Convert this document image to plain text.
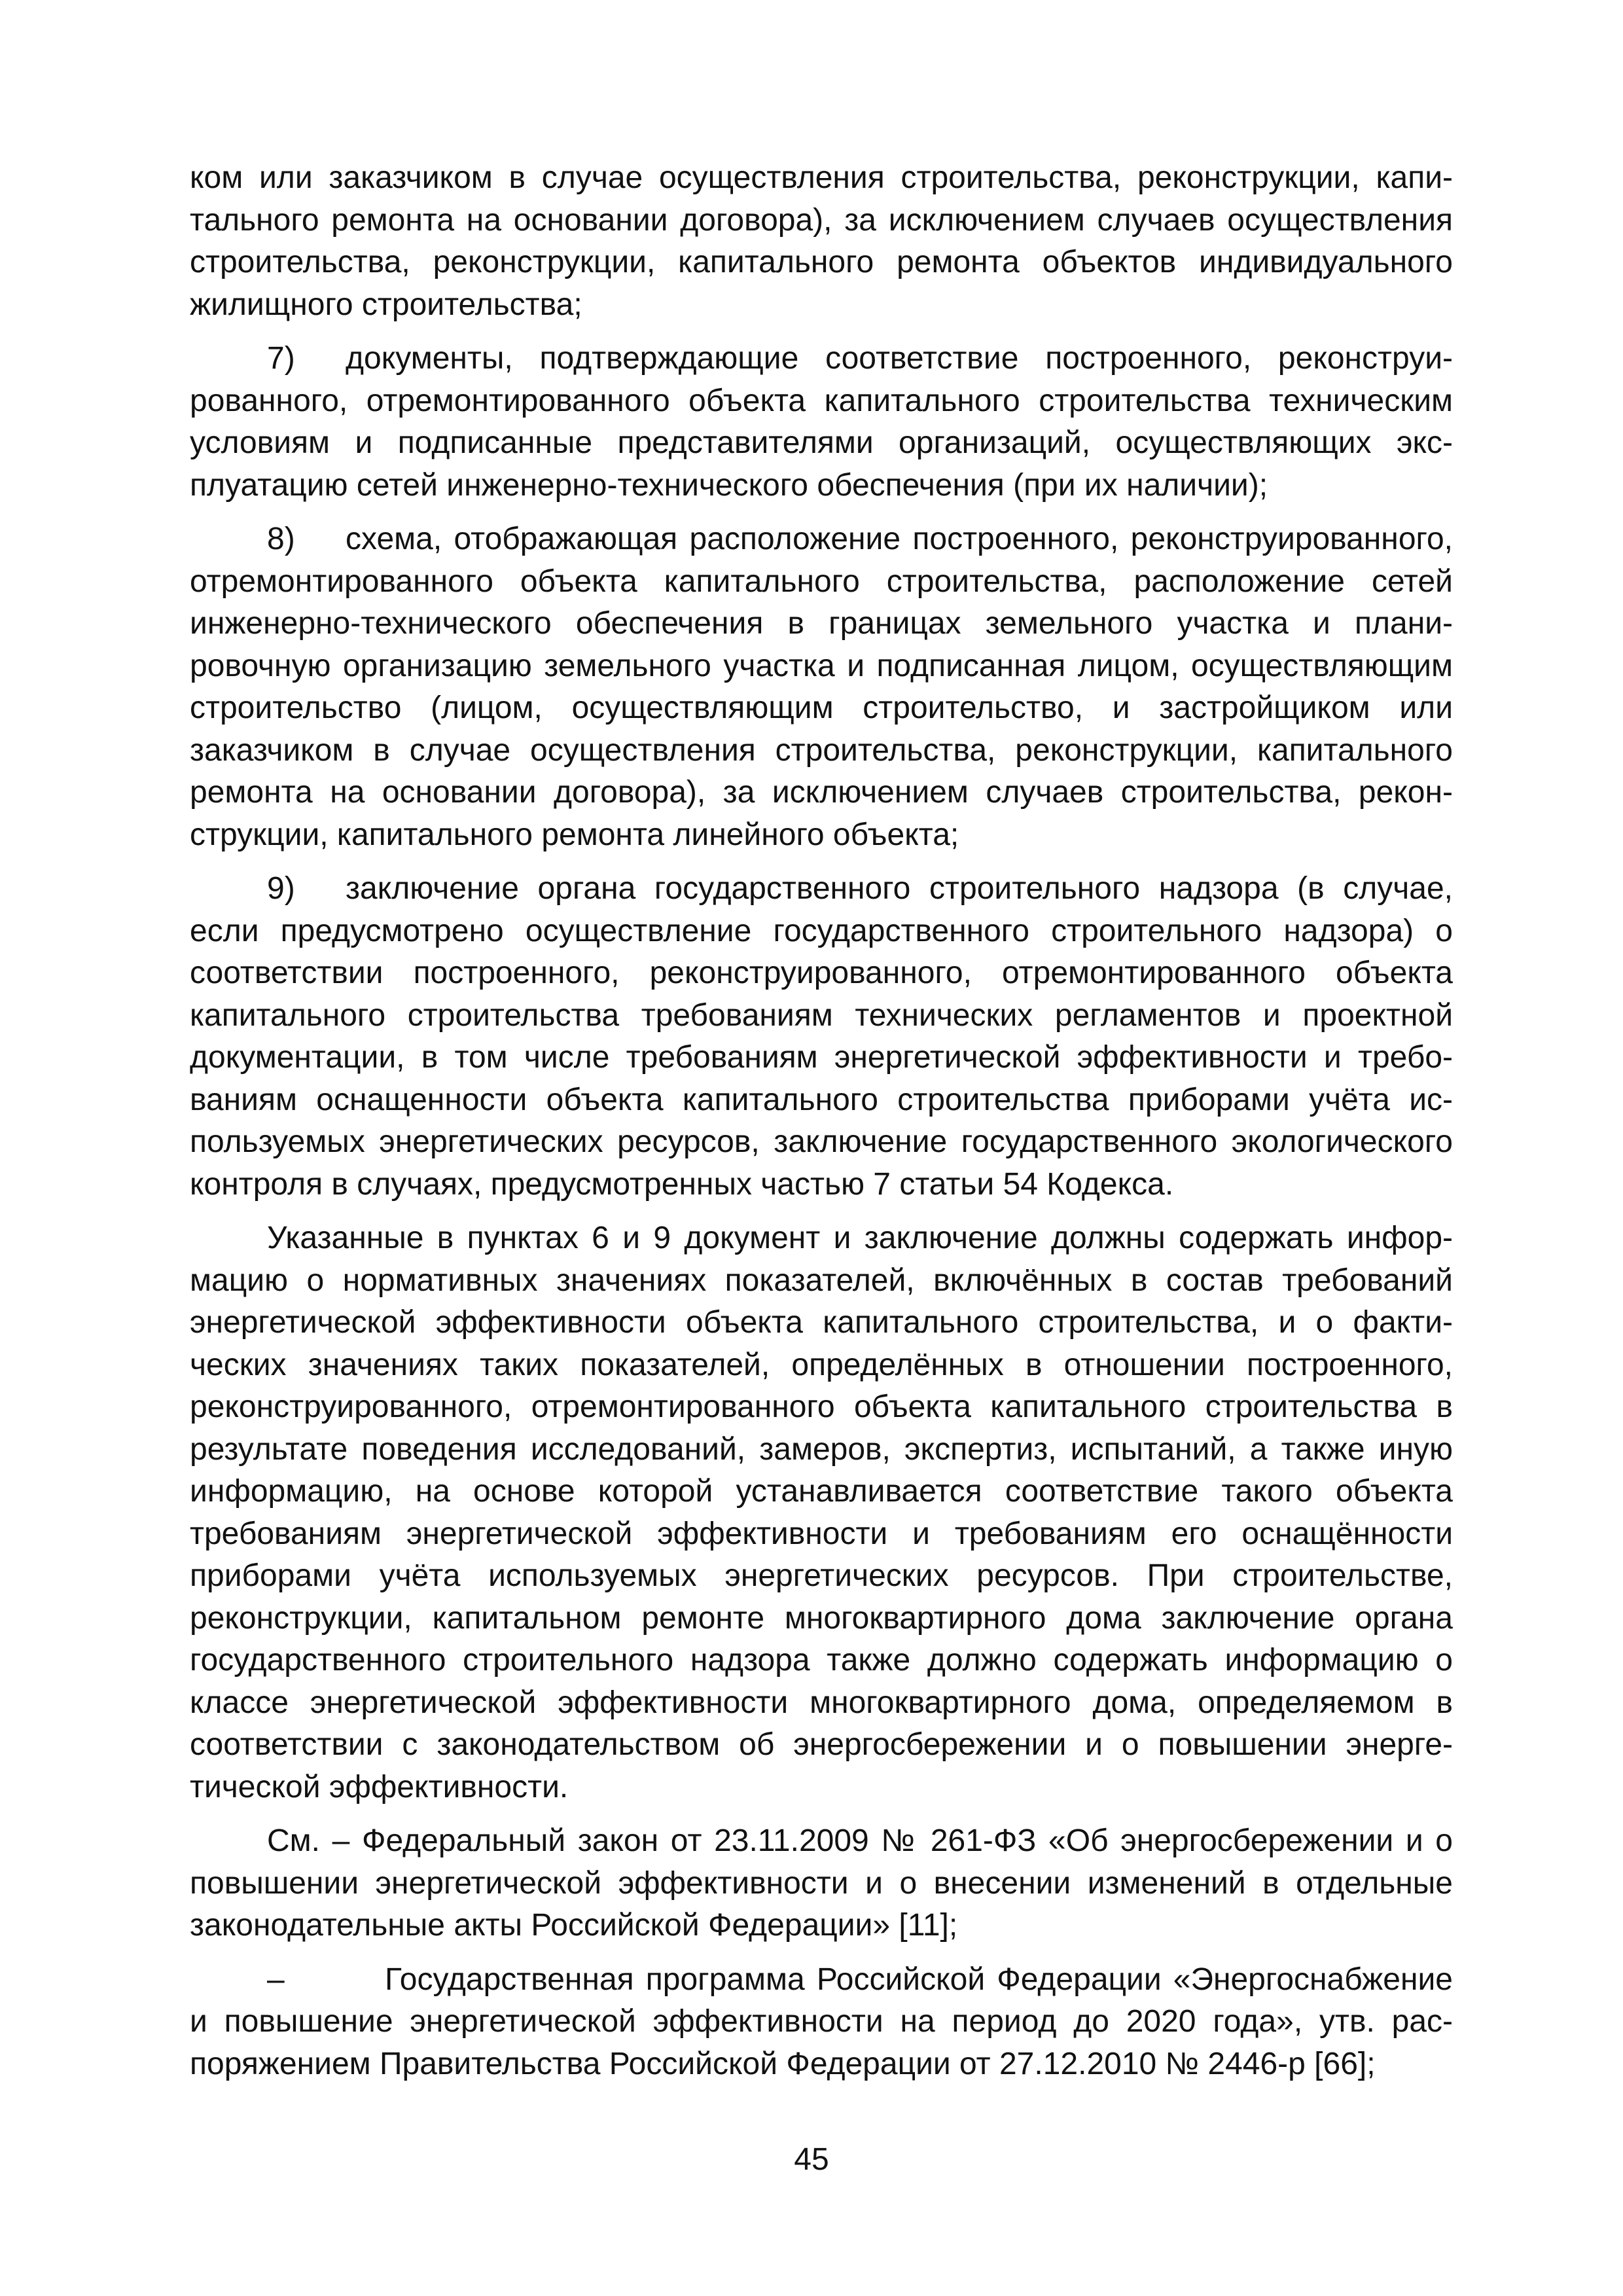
ком или заказчиком в случае осуществления строительства, реконструкции, капитального ремонта на основании договора), за исключением случаев осуществления строительства, реконструкции, капитального ремонта объектов индивидуального жилищного строительства;

7) документы, подтверждающие соответствие построенного, реконструированного, отремонтированного объекта капитального строительства техническим условиям и подписанные представителями организаций, осуществляющих эксплуатацию сетей инженерно-технического обеспечения (при их наличии);

8) схема, отображающая расположение построенного, реконструированного, отремонтированного объекта капитального строительства, расположение сетей инженерно-технического обеспечения в границах земельного участка и планировочную организацию земельного участка и подписанная лицом, осуществляющим строительство (лицом, осуществляющим строительство, и застройщиком или заказчиком в случае осуществления строительства, реконструкции, капитального ремонта на основании договора), за исключением случаев строительства, реконструкции, капитального ремонта линейного объекта;

9) заключение органа государственного строительного надзора (в случае, если предусмотрено осуществление государственного строительного надзора) о соответствии построенного, реконструированного, отремонтированного объекта капитального строительства требованиям технических регламентов и проектной документации, в том числе требованиям энергетической эффективности и требованиям оснащенности объекта капитального строительства приборами учёта используемых энергетических ресурсов, заключение государственного экологического контроля в случаях, предусмотренных частью 7 статьи 54 Кодекса.

Указанные в пунктах 6 и 9 документ и заключение должны содержать информацию о нормативных значениях показателей, включённых в состав требований энергетической эффективности объекта капитального строительства, и о фактических значениях таких показателей, определённых в отношении построенного, реконструированного, отремонтированного объекта капитального строительства в результате поведения исследований, замеров, экспертиз, испытаний, а также иную информацию, на основе которой устанавливается соответствие такого объекта требованиям энергетической эффективности и требованиям его оснащённости приборами учёта используемых энергетических ресурсов. При строительстве, реконструкции, капитальном ремонте многоквартирного дома заключение органа государственного строительного надзора также должно содержать информацию о классе энергетической эффективности многоквартирного дома, определяемом в соответствии с законодательством об энергосбережении и о повышении энергетической эффективности.

См. – Федеральный закон от 23.11.2009 № 261-ФЗ «Об энергосбережении и о повышении энергетической эффективности и о внесении изменений в отдельные законодательные акты Российской Федерации» [11];

–	Государственная программа Российской Федерации «Энергоснабжение и повышение энергетической эффективности на период до 2020 года», утв. распоряжением Правительства Российской Федерации от 27.12.2010 № 2446-р [66];

45
